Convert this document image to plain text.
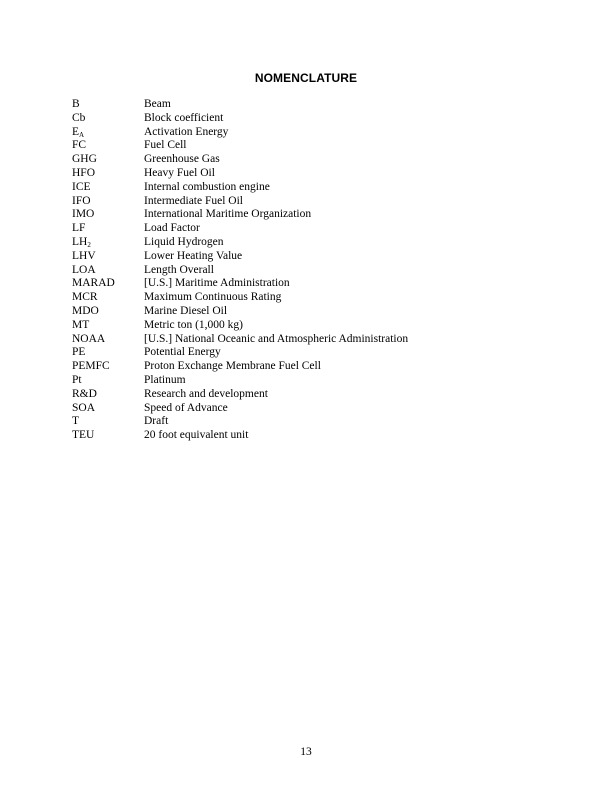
NOMENCLATURE
B	Beam
Cb	Block coefficient
$E_A$	Activation Energy
FC	Fuel Cell
GHG	Greenhouse Gas
HFO	Heavy Fuel Oil
ICE	Internal combustion engine
IFO	Intermediate Fuel Oil
IMO	International Maritime Organization
LF	Load Factor
$LH_2$	Liquid Hydrogen
LHV	Lower Heating Value
LOA	Length Overall
MARAD	[U.S.] Maritime Administration
MCR	Maximum Continuous Rating
MDO	Marine Diesel Oil
MT	Metric ton (1,000 kg)
NOAA	[U.S.] National Oceanic and Atmospheric Administration
PE	Potential Energy
PEMFC	Proton Exchange Membrane Fuel Cell
Pt	Platinum
R&D	Research and development
SOA	Speed of Advance
T	Draft
TEU	20 foot equivalent unit
13
